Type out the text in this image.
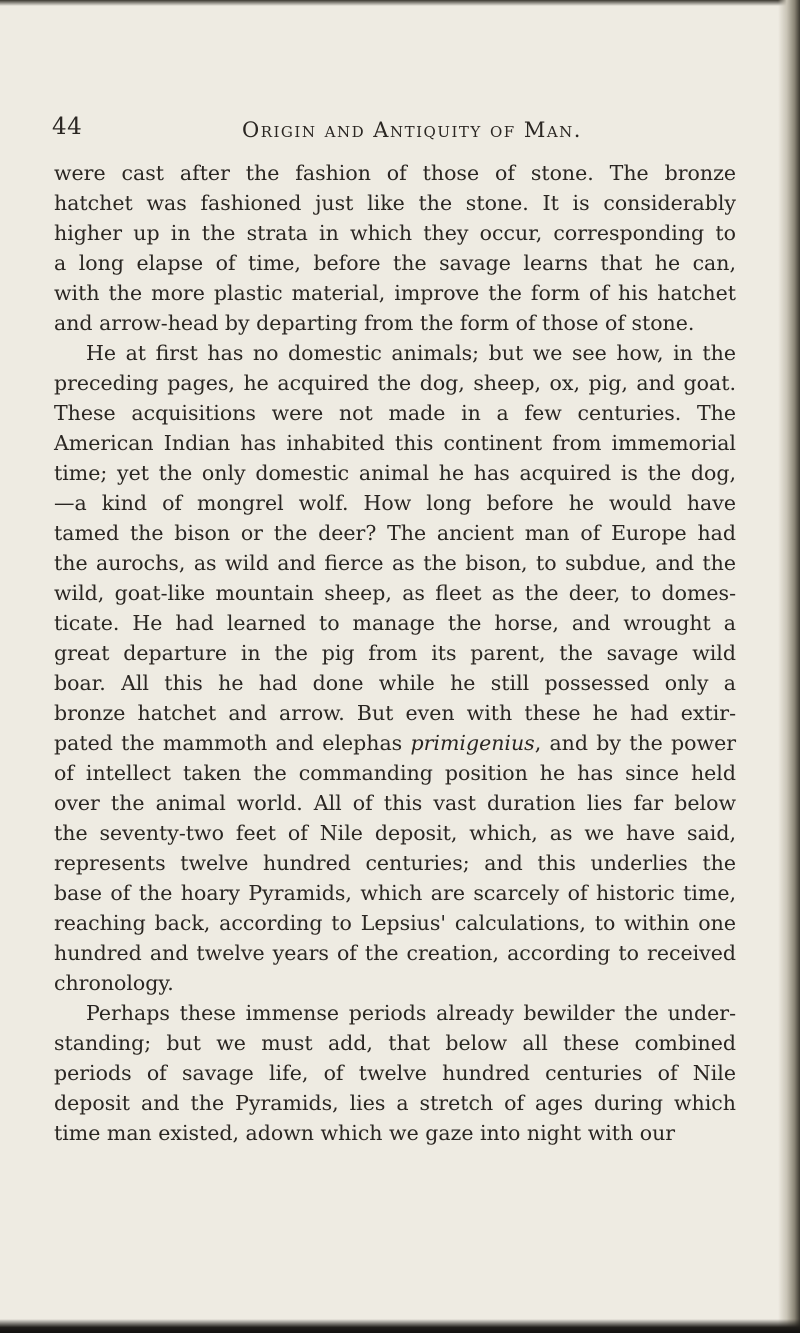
44	Origin and Antiquity of Man.

were cast after the fashion of those of stone. The bronze

hatchet was fashioned just like the stone. It is considerably

higher up in the strata in which they occur, corresponding to

a long elapse of time, before the savage learns that he can,

with the more plastic material, improve the form of his hatchet

and arrow-head by departing from the form of those of stone.

He at first has no domestic animals; but we see how, in the

preceding pages, he acquired the dog, sheep, ox, pig, and goat.

These acquisitions were not made in a few centuries. The

American Indian has inhabited this continent from immemorial

time; yet the only domestic animal he has acquired is the dog,

—a kind of mongrel wolf. How long before he would have

tamed the bison or the deer? The ancient man of Europe had

the aurochs, as wild and fierce as the bison, to subdue, and the

wild, goat-like mountain sheep, as fleet as the deer, to domes-

ticate. He had learned to manage the horse, and wrought a

great departure in the pig from its parent, the savage wild

boar. All this he had done while he still possessed only a

bronze hatchet and arrow. But even with these he had extir-

pated the mammoth and elephas primigenius, and by the power

of intellect taken the commanding position he has since held

over the animal world. All of this vast duration lies far below

the seventy-two feet of Nile deposit, which, as we have said,

represents twelve hundred centuries; and this underlies the

base of the hoary Pyramids, which are scarcely of historic time,

reaching back, according to Lepsius' calculations, to within one

hundred and twelve years of the creation, according to received

chronology.

Perhaps these immense periods already bewilder the under-

standing; but we must add, that below all these combined

periods of savage life, of twelve hundred centuries of Nile

deposit and the Pyramids, lies a stretch of ages during which

time man existed, adown which we gaze into night with our
